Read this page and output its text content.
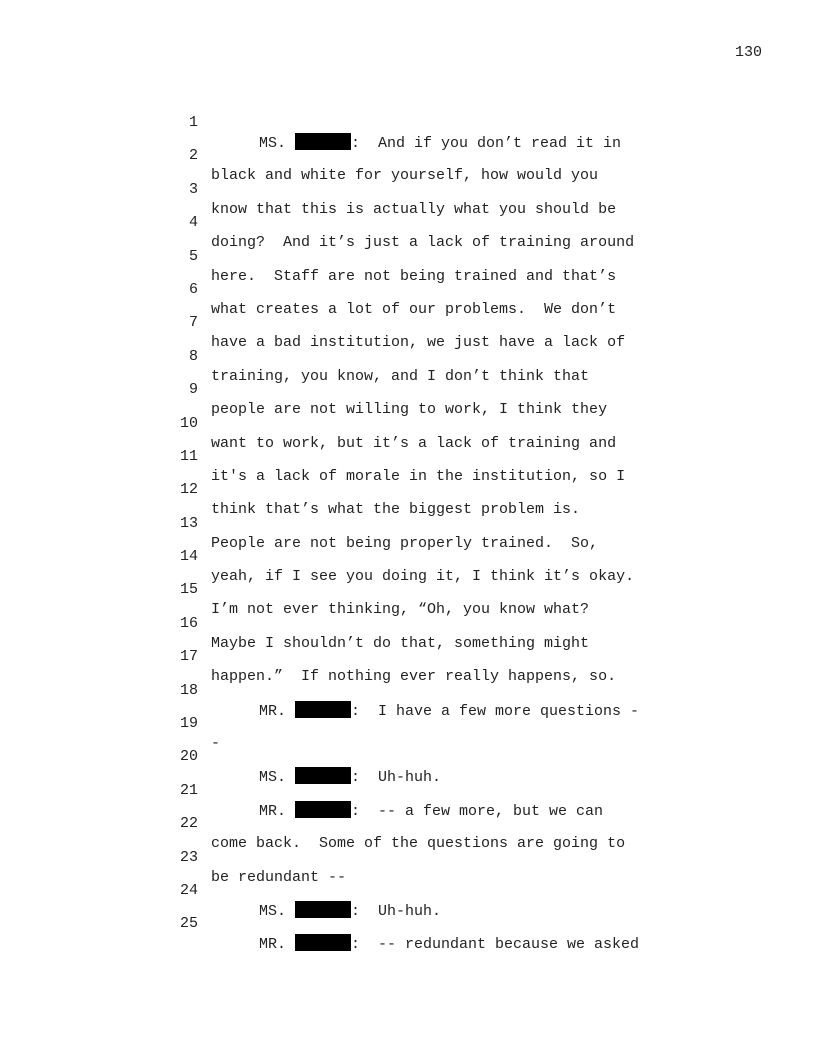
130

1

MS.	:  And if you don’t read it in

2

black and white for yourself, how would you

3

know that this is actually what you should be

4

doing?  And it’s just a lack of training around

5

here.  Staff are not being trained and that’s

6

what creates a lot of our problems.  We don’t

7

have a bad institution, we just have a lack of

8

training, you know, and I don’t think that

9

people are not willing to work, I think they

10

want to work, but it’s a lack of training and

11

it's a lack of morale in the institution, so I

12

think that’s what the biggest problem is.

13

People are not being properly trained.  So,

14

yeah, if I see you doing it, I think it’s okay.

15

I’m not ever thinking, “Oh, you know what?

16

Maybe I shouldn’t do that, something might

17

happen.”  If nothing ever really happens, so.

18

MR.	:  I have a few more questions -

19

-

20

MS.	:  Uh-huh.

21

MR.	:  -- a few more, but we can

22

come back.  Some of the questions are going to

23

be redundant --

24

MS.	:  Uh-huh.

25

MR.	:  -- redundant because we asked
